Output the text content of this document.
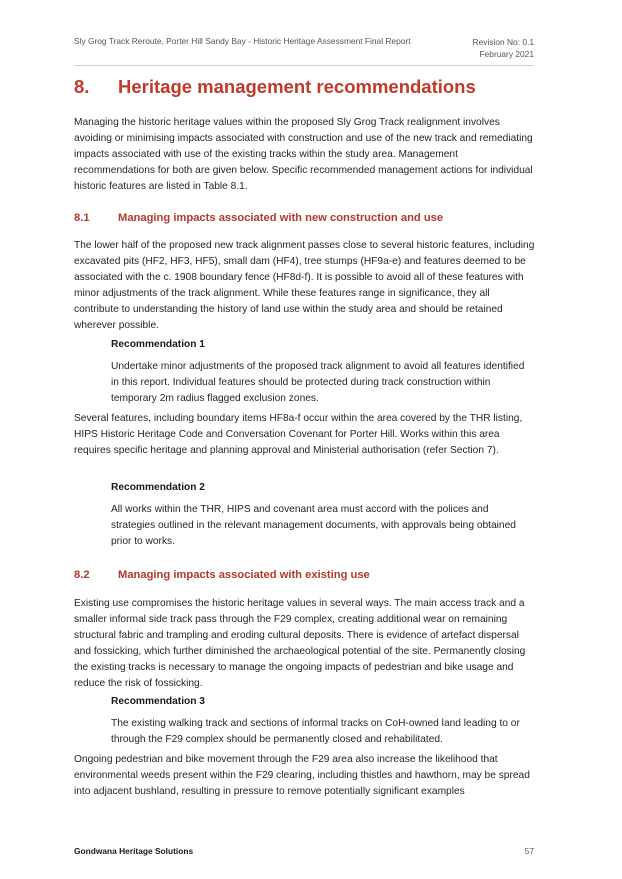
Sly Grog Track Reroute, Porter Hill Sandy Bay - Historic Heritage Assessment Final Report	Revision No: 0.1
February 2021
8. Heritage management recommendations

Managing the historic heritage values within the proposed Sly Grog Track realignment involves avoiding or minimising impacts associated with construction and use of the new track and remediating impacts associated with use of the existing tracks within the study area. Management recommendations for both are given below. Specific recommended management actions for individual historic features are listed in Table 8.1.

8.1	Managing impacts associated with new construction and use

The lower half of the proposed new track alignment passes close to several historic features, including excavated pits (HF2, HF3, HF5), small dam (HF4), tree stumps (HF9a-e) and features deemed to be associated with the c. 1908 boundary fence (HF8d-f). It is possible to avoid all of these features with minor adjustments of the track alignment. While these features range in significance, they all contribute to understanding the history of land use within the study area and should be retained wherever possible.

Recommendation 1

Undertake minor adjustments of the proposed track alignment to avoid all features identified in this report. Individual features should be protected during track construction within temporary 2m radius flagged exclusion zones.

Several features, including boundary items HF8a-f occur within the area covered by the THR listing, HIPS Historic Heritage Code and Conversation Covenant for Porter Hill. Works within this area requires specific heritage and planning approval and Ministerial authorisation (refer Section 7).

Recommendation 2

All works within the THR, HIPS and covenant area must accord with the polices and strategies outlined in the relevant management documents, with approvals being obtained prior to works.

8.2	Managing impacts associated with existing use

Existing use compromises the historic heritage values in several ways. The main access track and a smaller informal side track pass through the F29 complex, creating additional wear on remaining structural fabric and trampling and eroding cultural deposits. There is evidence of artefact dispersal and fossicking, which further diminished the archaeological potential of the site. Permanently closing the existing tracks is necessary to manage the ongoing impacts of pedestrian and bike usage and reduce the risk of fossicking.

Recommendation 3

The existing walking track and sections of informal tracks on CoH-owned land leading to or through the F29 complex should be permanently closed and rehabilitated.

Ongoing pedestrian and bike movement through the F29 area also increase the likelihood that environmental weeds present within the F29 clearing, including thistles and hawthorn, may be spread into adjacent bushland, resulting in pressure to remove potentially significant examples

Gondwana Heritage Solutions	57
